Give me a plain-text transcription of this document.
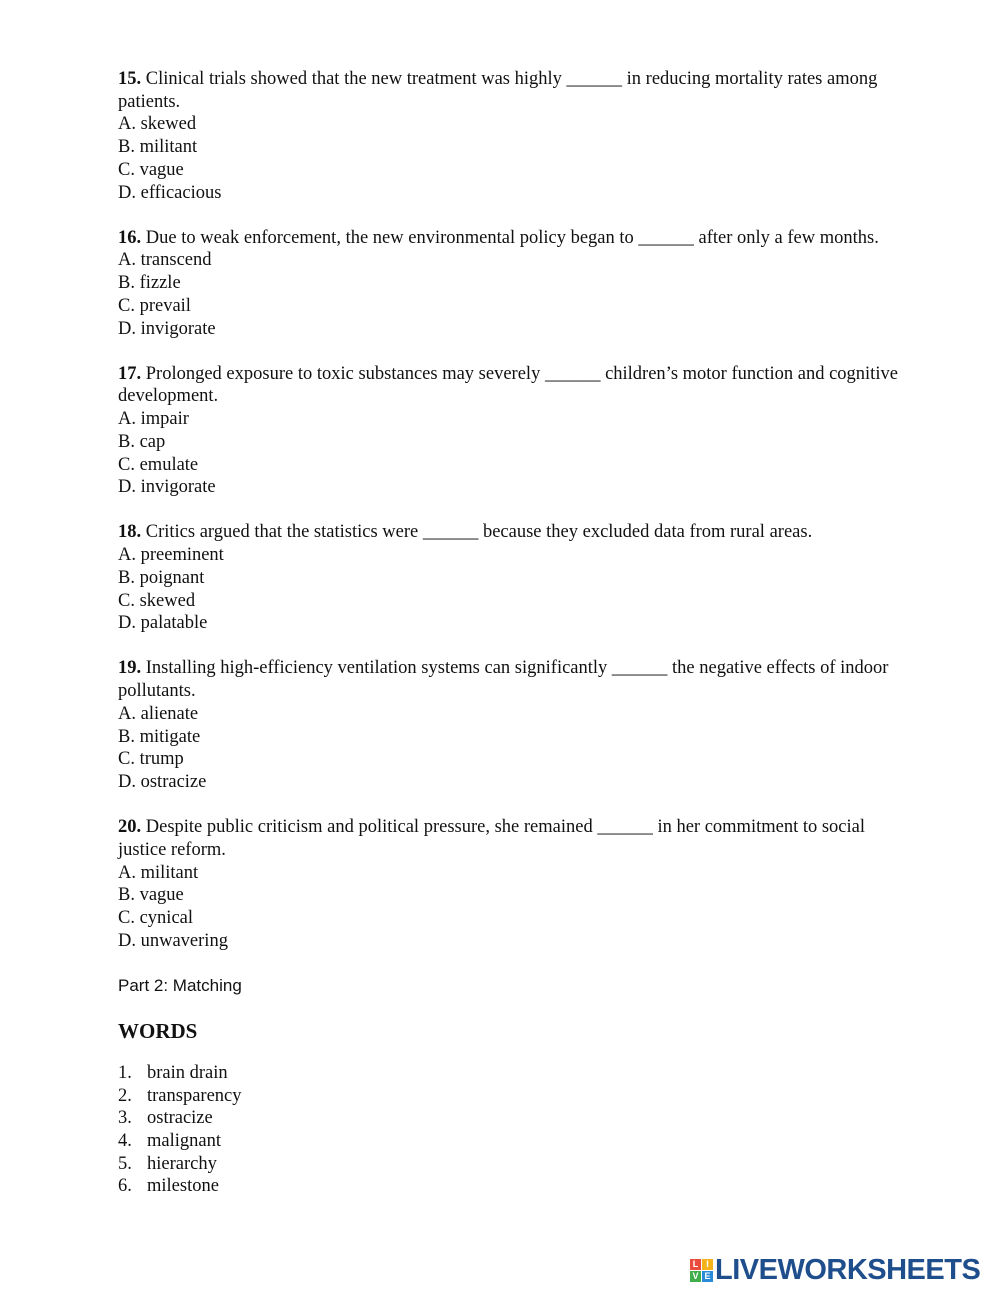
15. Clinical trials showed that the new treatment was highly ______ in reducing mortality rates among patients.
A. skewed
B. militant
C. vague
D. efficacious
16. Due to weak enforcement, the new environmental policy began to ______ after only a few months.
A. transcend
B. fizzle
C. prevail
D. invigorate
17. Prolonged exposure to toxic substances may severely ______ children’s motor function and cognitive development.
A. impair
B. cap
C. emulate
D. invigorate
18. Critics argued that the statistics were ______ because they excluded data from rural areas.
A. preeminent
B. poignant
C. skewed
D. palatable
19. Installing high-efficiency ventilation systems can significantly ______ the negative effects of indoor pollutants.
A. alienate
B. mitigate
C. trump
D. ostracize
20. Despite public criticism and political pressure, she remained ______ in her commitment to social justice reform.
A. militant
B. vague
C. cynical
D. unwavering
Part 2: Matching
WORDS
1. brain drain
2. transparency
3. ostracize
4. malignant
5. hierarchy
6. milestone
L I
V E LIVEWORKSHEETS
